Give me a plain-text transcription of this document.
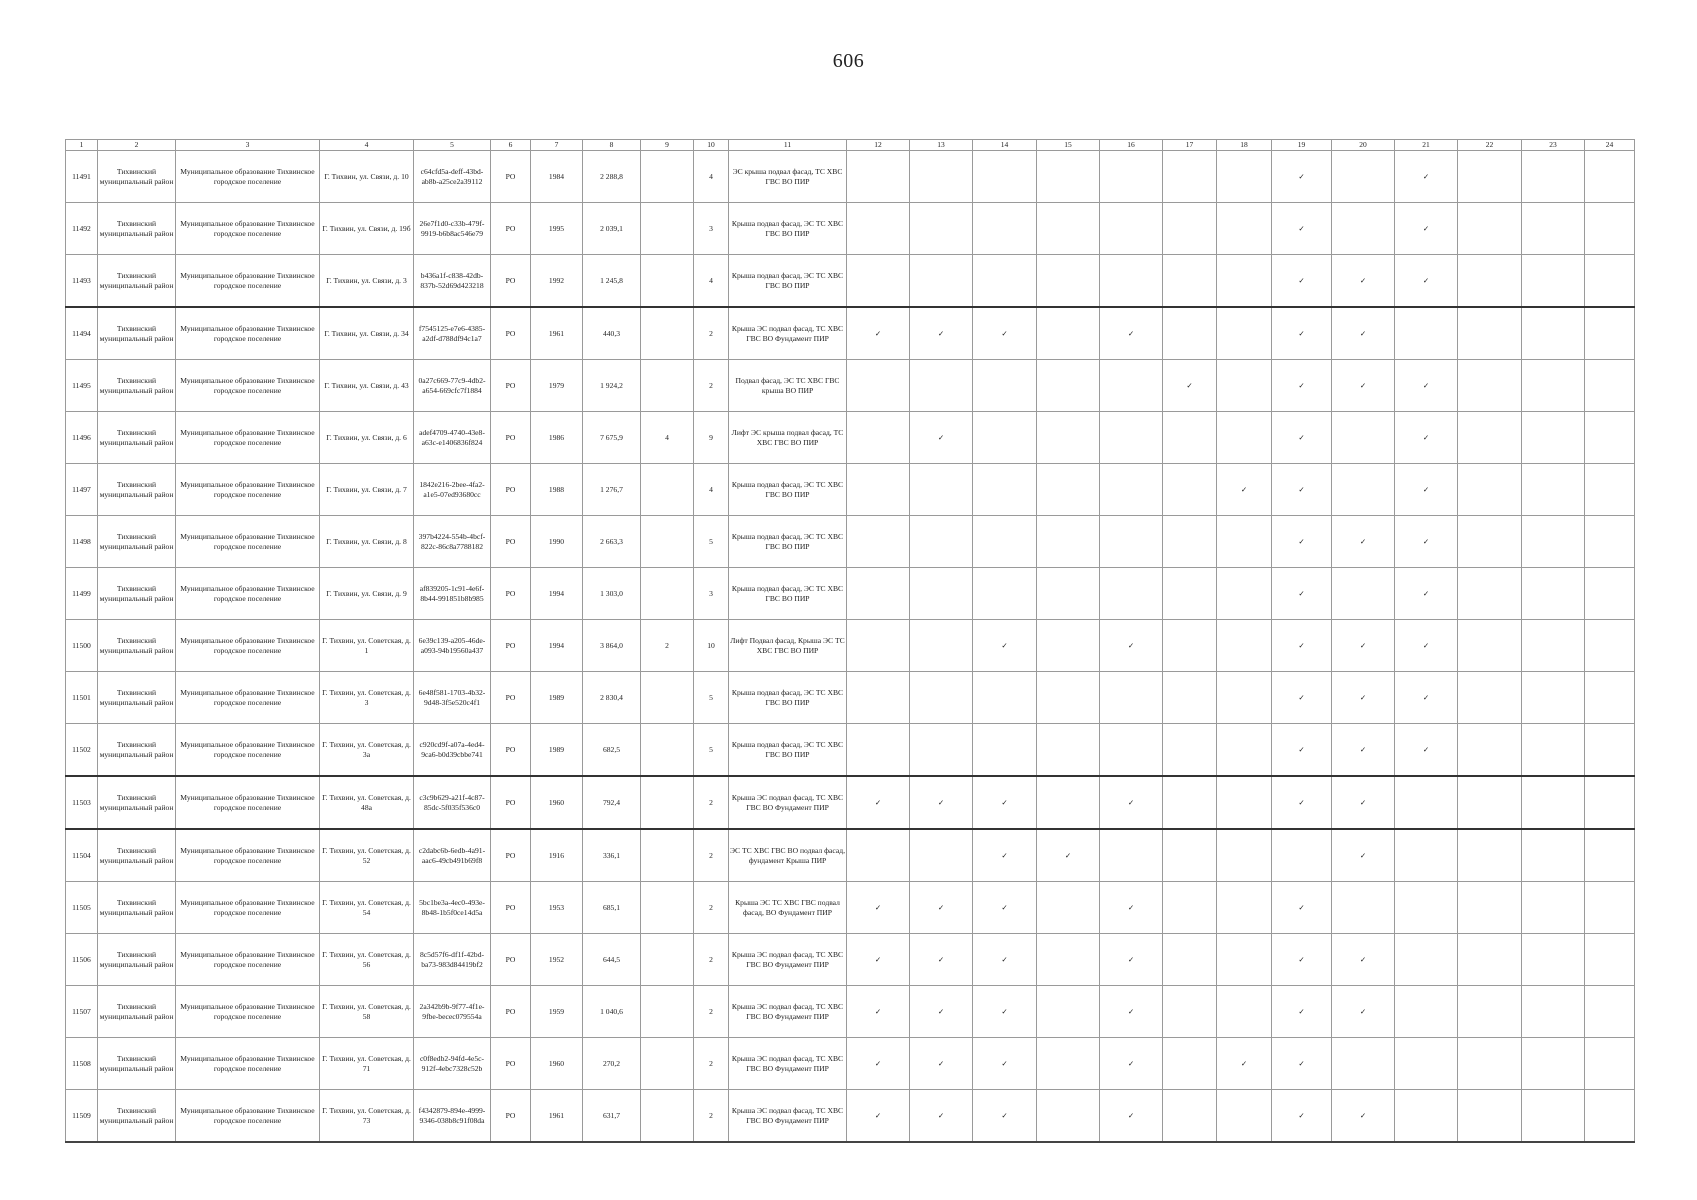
606
1	2	3	4	5	6	7	8	9	10	11	12	13	14	15	16	17	18	19	20	21	22	23	24
11491	Тихвинский муниципальный район	Муниципальное образование Тихвинское городское поселение	Г. Тихвин, ул. Связи, д. 10	c64cfd5a-deff-43bd-ab8b-a25ce2a39112	РО	1984	2 288,8		4	ЭС крыша подвал фасад, ТС ХВС ГВС ВО ПИР								✓		✓			
11492	Тихвинский муниципальный район	Муниципальное образование Тихвинское городское поселение	Г. Тихвин, ул. Связи, д. 19б	26e7f1d0-c33b-479f-9919-b6b8ac546e79	РО	1995	2 039,1		3	Крыша подвал фасад, ЭС ТС ХВС ГВС ВО ПИР								✓		✓			
11493	Тихвинский муниципальный район	Муниципальное образование Тихвинское городское поселение	Г. Тихвин, ул. Связи, д. 3	b436a1f-c838-42db-837b-52d69d423218	РО	1992	1 245,8		4	Крыша подвал фасад, ЭС ТС ХВС ГВС ВО ПИР								✓	✓	✓			
11494	Тихвинский муниципальный район	Муниципальное образование Тихвинское городское поселение	Г. Тихвин, ул. Связи, д. 34	f7545125-e7e6-4385-a2df-d788df94c1a7	РО	1961	440,3		2	Крыша ЭС подвал фасад, ТС ХВС ГВС ВО Фундамент ПИР	✓	✓	✓		✓			✓	✓				
11495	Тихвинский муниципальный район	Муниципальное образование Тихвинское городское поселение	Г. Тихвин, ул. Связи, д. 43	0a27c669-77c9-4db2-a654-669cfc7f1884	РО	1979	1 924,2		2	Подвал фасад, ЭС ТС ХВС ГВС крыша ВО ПИР						✓		✓	✓	✓			
11496	Тихвинский муниципальный район	Муниципальное образование Тихвинское городское поселение	Г. Тихвин, ул. Связи, д. 6	adef4709-4740-43e8-a63c-e1406836f824	РО	1986	7 675,9	4	9	Лифт ЭС крыша подвал фасад, ТС ХВС ГВС ВО ПИР		✓						✓		✓			
11497	Тихвинский муниципальный район	Муниципальное образование Тихвинское городское поселение	Г. Тихвин, ул. Связи, д. 7	1842e216-2bee-4fa2-a1e5-07ed93680cc	РО	1988	1 276,7		4	Крыша подвал фасад, ЭС ТС ХВС ГВС ВО ПИР							✓	✓		✓			
11498	Тихвинский муниципальный район	Муниципальное образование Тихвинское городское поселение	Г. Тихвин, ул. Связи, д. 8	397b4224-554b-4bcf-822c-86c8a7788182	РО	1990	2 663,3		5	Крыша подвал фасад, ЭС ТС ХВС ГВС ВО ПИР								✓	✓	✓			
11499	Тихвинский муниципальный район	Муниципальное образование Тихвинское городское поселение	Г. Тихвин, ул. Связи, д. 9	af839205-1c91-4e6f-8b44-991851b8b985	РО	1994	1 303,0		3	Крыша подвал фасад, ЭС ТС ХВС ГВС ВО ПИР								✓		✓			
11500	Тихвинский муниципальный район	Муниципальное образование Тихвинское городское поселение	Г. Тихвин, ул. Советская, д. 1	6e39c139-a205-46de-a093-94b19560a437	РО	1994	3 864,0	2	10	Лифт Подвал фасад, Крыша ЭС ТС ХВС ГВС ВО ПИР			✓		✓			✓	✓	✓			
11501	Тихвинский муниципальный район	Муниципальное образование Тихвинское городское поселение	Г. Тихвин, ул. Советская, д. 3	6e48f581-1703-4b32-9d48-3f5e520c4f1	РО	1989	2 830,4		5	Крыша подвал фасад, ЭС ТС ХВС ГВС ВО ПИР								✓	✓	✓			
11502	Тихвинский муниципальный район	Муниципальное образование Тихвинское городское поселение	Г. Тихвин, ул. Советская, д. 3а	c920cd9f-a07a-4ed4-9ca6-b0d39cbbe741	РО	1989	682,5		5	Крыша подвал фасад, ЭС ТС ХВС ГВС ВО ПИР								✓	✓	✓			
11503	Тихвинский муниципальный район	Муниципальное образование Тихвинское городское поселение	Г. Тихвин, ул. Советская, д. 48а	c3c9b629-a21f-4c87-85dc-5f035f536c0	РО	1960	792,4		2	Крыша ЭС подвал фасад, ТС ХВС ГВС ВО Фундамент ПИР	✓	✓	✓		✓			✓	✓				
11504	Тихвинский муниципальный район	Муниципальное образование Тихвинское городское поселение	Г. Тихвин, ул. Советская, д. 52	c2dabc6b-6edb-4a91-aac6-49cb491b69f8	РО	1916	336,1		2	ЭС ТС ХВС ГВС ВО подвал фасад, фундамент Крыша ПИР			✓	✓					✓				
11505	Тихвинский муниципальный район	Муниципальное образование Тихвинское городское поселение	Г. Тихвин, ул. Советская, д. 54	5bc1be3a-4ec0-493e-8b48-1b5f0ce14d5a	РО	1953	685,1		2	Крыша ЭС ТС ХВС ГВС подвал фасад, ВО Фундамент ПИР	✓	✓	✓		✓			✓					
11506	Тихвинский муниципальный район	Муниципальное образование Тихвинское городское поселение	Г. Тихвин, ул. Советская, д. 56	8c5d57f6-df1f-42bd-ba73-983d84419bf2	РО	1952	644,5		2	Крыша ЭС подвал фасад, ТС ХВС ГВС ВО Фундамент ПИР	✓	✓	✓		✓			✓	✓				
11507	Тихвинский муниципальный район	Муниципальное образование Тихвинское городское поселение	Г. Тихвин, ул. Советская, д. 58	2a342b9b-9f77-4f1e-9fbe-becec079554a	РО	1959	1 040,6		2	Крыша ЭС подвал фасад, ТС ХВС ГВС ВО Фундамент ПИР	✓	✓	✓		✓			✓	✓				
11508	Тихвинский муниципальный район	Муниципальное образование Тихвинское городское поселение	Г. Тихвин, ул. Советская, д. 71	c0f8edb2-94fd-4e5c-912f-4ebc7328c52b	РО	1960	270,2		2	Крыша ЭС подвал фасад, ТС ХВС ГВС ВО Фундамент ПИР	✓	✓	✓		✓		✓	✓					
11509	Тихвинский муниципальный район	Муниципальное образование Тихвинское городское поселение	Г. Тихвин, ул. Советская, д. 73	f4342879-894e-4999-9346-038b8c91f08da	РО	1961	631,7		2	Крыша ЭС подвал фасад, ТС ХВС ГВС ВО Фундамент ПИР	✓	✓	✓		✓			✓	✓				
